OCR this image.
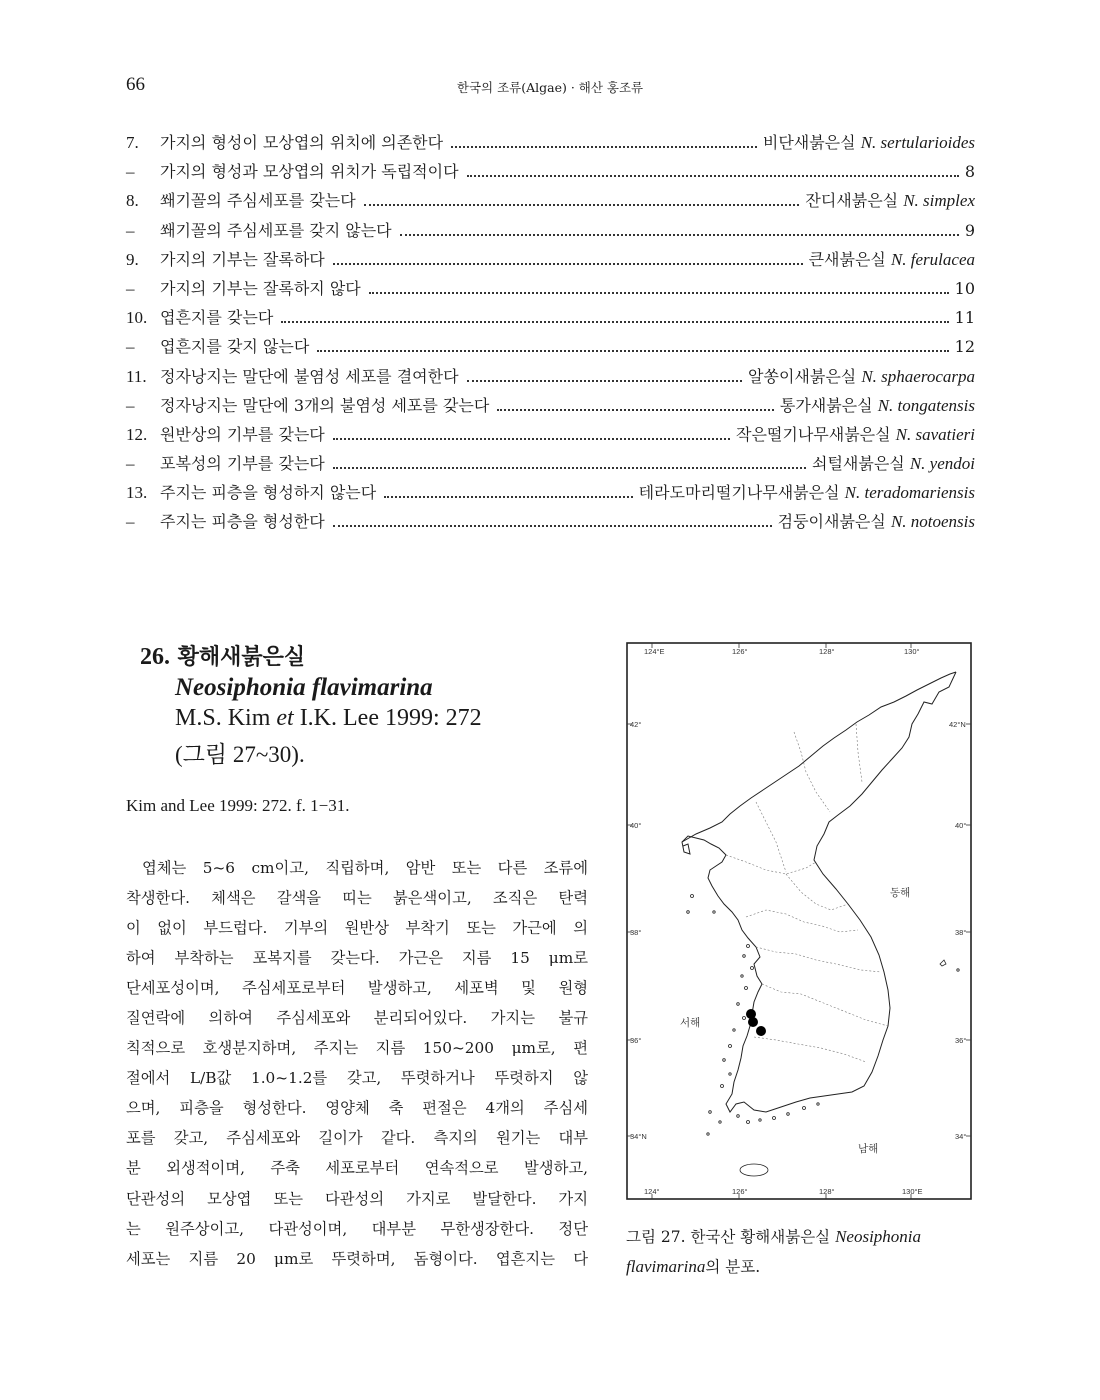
66	한국의 조류(Algae) · 해산 홍조류
7.	가지의 형성이 모상엽의 위치에 의존한다	비단새붉은실 N. sertularioides
–	가지의 형성과 모상엽의 위치가 독립적이다	8
8.	쐐기꼴의 주심세포를 갖는다	잔디새붉은실 N. simplex
–	쐐기꼴의 주심세포를 갖지 않는다	9
9.	가지의 기부는 잘록하다	큰새붉은실 N. ferulacea
–	가지의 기부는 잘록하지 않다	10
10. 엽흔지를 갖는다	11
–	엽흔지를 갖지 않는다	12
11. 정자낭지는 말단에 불염성 세포를 결여한다	알쏭이새붉은실 N. sphaerocarpa
–	정자낭지는 말단에 3개의 불염성 세포를 갖는다	통가새붉은실 N. tongatensis
12. 원반상의 기부를 갖는다	작은떨기나무새붉은실 N. savatieri
–	포복성의 기부를 갖는다	쇠털새붉은실 N. yendoi
13. 주지는 피층을 형성하지 않는다	테라도마리떨기나무새붉은실 N. teradomariensis
–	주지는 피층을 형성한다	검둥이새붉은실 N. notoensis
26. 황해새붉은실
Neosiphonia flavimarina
M.S. Kim et I.K. Lee 1999: 272
(그림 27~30).
Kim and Lee 1999: 272. f. 1−31.
엽체는 5~6 cm이고, 직립하며, 암반 또는 다른 조류에
착생한다. 체색은 갈색을 띠는 붉은색이고, 조직은 탄력
이 없이 부드럽다. 기부의 원반상 부착기 또는 가근에 의
하여 부착하는 포복지를 갖는다. 가근은 지름 15 μm로
단세포성이며, 주심세포로부터 발생하고, 세포벽 및 원형
질연락에 의하여 주심세포와 분리되어있다. 가지는 불규
칙적으로 호생분지하며, 주지는 지름 150~200 μm로, 편
절에서 L/B값 1.0~1.2를 갖고, 뚜렷하거나 뚜렷하지 않
으며, 피층을 형성한다. 영양체 축 편절은 4개의 주심세
포를 갖고, 주심세포와 길이가 같다. 측지의 원기는 대부
분 외생적이며, 주축 세포로부터 연속적으로 발생하고,
단관성의 모상엽 또는 다관성의 가지로 발달한다. 가지
는 원주상이고, 다관성이며, 대부분 무한생장한다. 정단
세포는 지름 20 μm로 뚜렷하며, 돔형이다. 엽흔지는 다
124°E	126°	128°	130°
124°	126°	128°	130°E
42°
40°
38°
36°
34°N
42°N
40°
38°
36°
34°
동해
서해
남해
그림 27. 한국산 황해새붉은실 Neosiphonia flavimarina의 분포.
